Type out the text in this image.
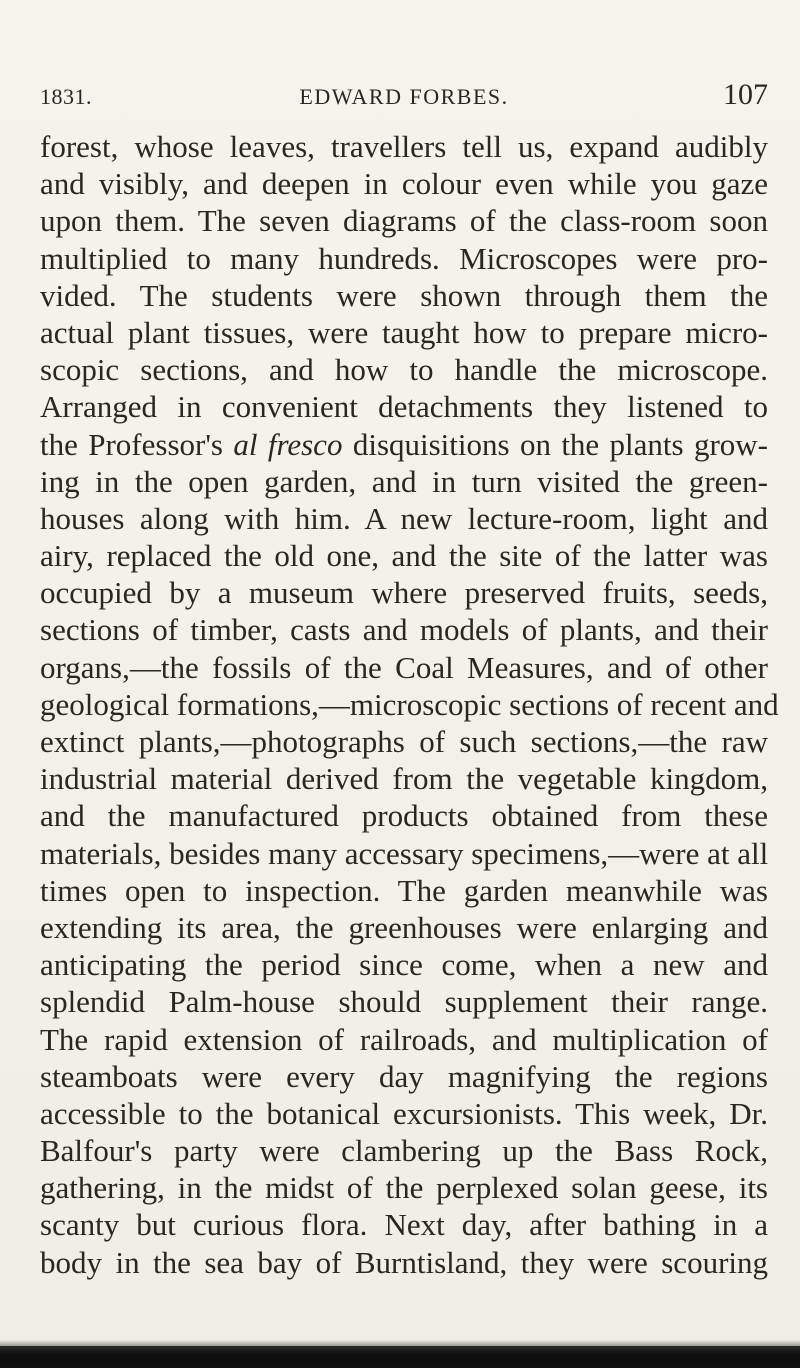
1831.	EDWARD FORBES.	107
forest, whose leaves, travellers tell us, expand audibly
and visibly, and deepen in colour even while you gaze
upon them. The seven diagrams of the class-room soon
multiplied to many hundreds. Microscopes were pro-
vided. The students were shown through them the
actual plant tissues, were taught how to prepare micro-
scopic sections, and how to handle the microscope.
Arranged in convenient detachments they listened to
the Professor's al fresco disquisitions on the plants grow-
ing in the open garden, and in turn visited the green-
houses along with him. A new lecture-room, light and
airy, replaced the old one, and the site of the latter was
occupied by a museum where preserved fruits, seeds,
sections of timber, casts and models of plants, and their
organs,—the fossils of the Coal Measures, and of other
geological formations,—microscopic sections of recent and
extinct plants,—photographs of such sections,—the raw
industrial material derived from the vegetable kingdom,
and the manufactured products obtained from these
materials, besides many accessary specimens,—were at all
times open to inspection. The garden meanwhile was
extending its area, the greenhouses were enlarging and
anticipating the period since come, when a new and
splendid Palm-house should supplement their range.
The rapid extension of railroads, and multiplication of
steamboats were every day magnifying the regions
accessible to the botanical excursionists. This week, Dr.
Balfour's party were clambering up the Bass Rock,
gathering, in the midst of the perplexed solan geese, its
scanty but curious flora. Next day, after bathing in a
body in the sea bay of Burntisland, they were scouring
